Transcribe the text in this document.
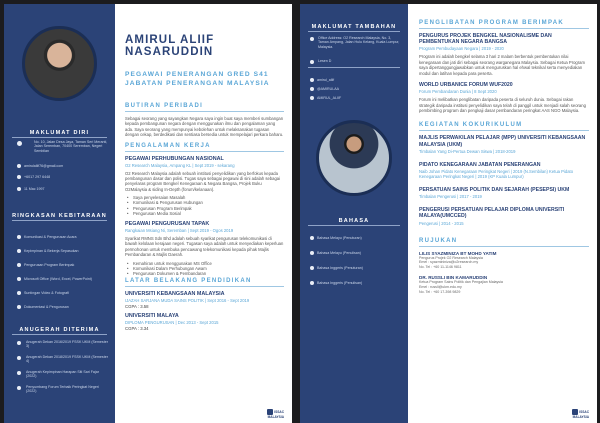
MAKLUMAT DIRI
No. 10, Jalan Desa Jaya, Taman Seri Meranti, Jalan Seremban, 70400 Seremban, Negeri Sembilan
amirulaliif76@gmail.com
+6017 297 6448
11 Mac 1997
RINGKASAN KEBITARAAN
Komunikasi & Pengurusan Acara
Kepimpinan & Bekerja Sepasukan
Pengurusan Program Berimpak
Microsoft Office (Word, Excel, PowerPoint)
Suntingan Video & Fotografi
Dokumentasi & Pengurusan
ANUGERAH DITERIMA
Anugerah Dekan 2016/2019 FSSK UKM (Semester 3)
Anugerah Dekan 2018/2019 FSSK UKM (Semester 4)
Anugerah Kepimpinan Harapan Siti Sari Fajar (2022)
Penyumbang Forum Terbaik Peringkat Negeri (2022)
AMIRUL ALIIF NASARUDDIN
PEGAWAI PENERANGAN GRED S41
JABATAN PENERANGAN MALAYSIA
BUTIRAN PERIBADI
Sebagai seorang yang sayangkan Negara saya ingin buat saya memberi sumbangan kepada pembangunan negara dengan menggunakan ilmu dan pengalaman yang ada. Saya seorang yang mempunyai kebolehan untuk melaksanakan tugasan dengan cekap, berdedikasi dan sentiasa bersedia untuk mempelajari perkara baharu.
PENGALAMAN KERJA
PEGAWAI PERHUBUNGAN NASIONAL
O2 Research Malaysia, Ampang KL | Sept 2019 - sekarang
O2 Research Malaysia adalah sebuah institusi penyelidikan yang berfokus kepada pembangunan dasar dan polisi. Tugas saya sebagai pegawai di sini adalah sebagai penyelaras program Bengkel Kenegaraan & Negara Bangsa, Projek Buku O2Malaysia & siding In-Depth (forum/kelanaan).
• Saya penyelesaian Masalah
• Komunikasi & Pengurusan Hubungan
• Pengurusan Program Berimpak
• Pengurusan Media Sosial
PEGAWAI PENGURUSAN TAPAK
Rangkaian Msiang Ni, Seremban | Sept 2019 - Ogos 2019
Syarikat RMNS Sdn Bhd adalah sebuah syarikat pengurusan telekomunikasi di bawah kelolaan kerajaan negeri. Tugasan saya adalah untuk menyediakan keperluan permohonan untuk membuka pencawang telekomunikasi kepada pihak Majlis Pembandaran & Majlis Daerah.
• Kemahiran untuk menggunakan MS Office
• Komunikasi Dalam Perhubungan Awam
• Pengurusan Dokumen & Pembandaran
LATAR BELAKANG PENDIDIKAN
UNIVERSITI KEBANGSAAN MALAYSIA
IJAZAH SARJANA MUDA SAINS POLITIK | Sept 2016 - Sept 2019
CGPA : 3.58
UNIVERSITI MALAYA
DIPLOMA PENGURUSAN | Dec 2013 - Sept 2015
CGPA : 3.34
ISSAC MALAYSIA
MAKLUMAT TAMBAHAN
Office Address: O2 Research Malaysia, No. 3, Taman Ampang, Jalan Hulu Kelang, Kuala Lumpur, Malaysia.
Lesen D
amirul_aliif
@AMIRULAA
AMIRUL_ALIIF
BAHASA
Bahasa Melayu (Penuturan)
Bahasa Melayu (Penulisan)
Bahasa Inggeris (Penuturan)
Bahasa Inggeris (Penulisan)
PENGLIBATAN PROGRAM BERIMPAK
PENGURUS PROJEK BENGKEL NASIONALISME DAN PEMBENTUKAN NEGARA BANGSA
Program Pembudayaan Negara | 2019 - 2020
Program ini adalah bengkel selama 3 hari 2 malam berbentuk pembentukan nilai kenegaraan dan jati diri sebagai seorang warganegara Malaysia. Sebagai Ketua Program saya dipertanggungjawabkan untuk menguruskan hal ehwal teknikal serta menyediakan modul dan latihan kepada para peserta.
WORLD URBANICE FORUM WUF2020
Forum Pembandaran Dunia | 8 Sept 2020
Forum ini melibatkan penglibatan daripada peserta di seluruh dunia. Sebagai rakan strategik daripada institusi penyelidikan saya telah di panggil untuk menjadi salah seorang pembimbing program dan pengkaji dasar pembandaran peringkat AAS NGO Malaysia.
KEGIATAN KOKURIKULUM
MAJLIS PERWAKILAN PELAJAR (MPP) UNIVERSITI KEBANGSAAN MALAYSIA (UKM)
Timbalan Yang Di-Pertua Dewan Siswa | 2018-2019
PIDATO KENEGARAAN JABATAN PENERANGAN
Naib Johan Pidato Kenegaraan Peringkat Negeri | 2019 (N.Sembilan) Ketua Pidato Kenegaraan Peringkat Negeri | 2019 (KP Kuala Lumpur)
PERSATUAN SAINS POLITIK DAN SEJARAH (PESEPSI) UKM
Timbalan Pengerusi | 2017 - 2019
PENGERUSI PERSATUAN PELAJAR DIPLOMA UNIVERSITI MALAYA(UMCCED)
Pengerusi | 2014 - 2015
RUJUKAN
LILIS SYAZMINIZA BT MOHD YATIM
Pengurus Projek O2 Research Malaysia
Emel : syazmininiza@o2research.my
No. Tel : +60 11-1146 9811
DR. RUSSLI BIN KAMARUDDIN
Ketua Program Sains Politik dan Pengajian Malaysia
Emel : russli@ukm.edu.my
No. Tel : +60 17-398 9829
ISSAC MALAYSIA
